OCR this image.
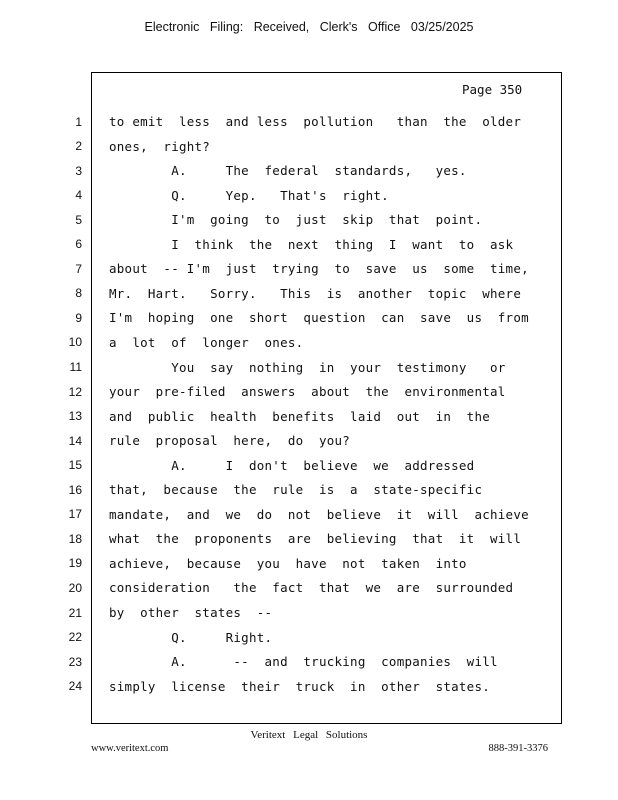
Electronic Filing: Received, Clerk's Office 03/25/2025
Page 350
1 to emit  less  and less  pollution   than  the  older
2 ones,  right?
3 A.     The  federal  standards,   yes.
4 Q.     Yep.   That's  right.
5 I'm  going  to  just  skip  that  point.
6 I  think  the  next  thing  I  want  to  ask
7 about  -- I'm  just  trying  to  save  us  some  time,
8 Mr.  Hart.   Sorry.   This  is  another  topic  where
9 I'm  hoping  one  short  question  can  save  us  from
10 a  lot  of  longer  ones.
11 You  say  nothing  in  your  testimony   or
12 your  pre-filed  answers  about  the  environmental
13 and  public  health  benefits  laid  out  in  the
14 rule  proposal  here,  do  you?
15 A.     I  don't  believe  we  addressed
16 that,  because  the  rule  is  a  state-specific
17 mandate,  and  we  do  not  believe  it  will  achieve
18 what  the  proponents  are  believing  that  it  will
19 achieve,  because  you  have  not  taken  into
20 consideration   the  fact  that  we  are  surrounded
21 by  other  states  --
22 Q.     Right.
23 A.      --  and  trucking  companies  will
24 simply  license  their  truck  in  other  states.
Veritext Legal Solutions
www.veritext.com	888-391-3376
